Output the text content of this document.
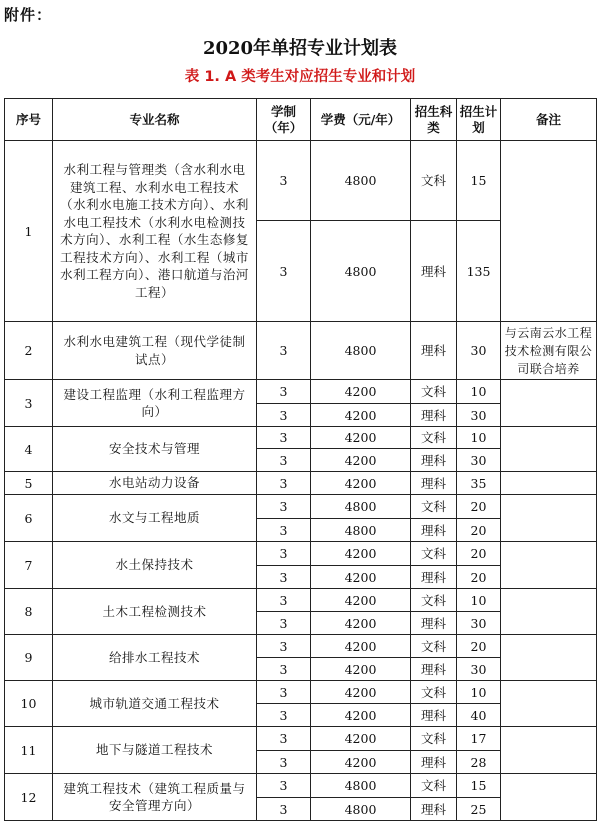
附件：
2020年单招专业计划表
表 1. A 类考生对应招生专业和计划
序号	专业名称	学制（年）	学费（元/年）	招生科类	招生计划	备注
1	水利工程与管理类（含水利水电建筑工程、水利水电工程技术（水利水电施工技术方向）、水利水电工程技术（水利水电检测技术方向）、水利工程（水生态修复工程技术方向）、水利工程（城市水利工程方向）、港口航道与治河工程）	3	4800	文科	15	
		3	4800	理科	135	
2	水利水电建筑工程（现代学徒制试点）	3	4800	理科	30	与云南云水工程技术检测有限公司联合培养
3	建设工程监理（水利工程监理方向）	3	4200	文科	10	
		3	4200	理科	30	
4	安全技术与管理	3	4200	文科	10	
		3	4200	理科	30	
5	水电站动力设备	3	4200	理科	35	
6	水文与工程地质	3	4800	文科	20	
		3	4800	理科	20	
7	水土保持技术	3	4200	文科	20	
		3	4200	理科	20	
8	土木工程检测技术	3	4200	文科	10	
		3	4200	理科	30	
9	给排水工程技术	3	4200	文科	20	
		3	4200	理科	30	
10	城市轨道交通工程技术	3	4200	文科	10	
		3	4200	理科	40	
11	地下与隧道工程技术	3	4200	文科	17	
		3	4200	理科	28	
12	建筑工程技术（建筑工程质量与安全管理方向）	3	4800	文科	15	
		3	4800	理科	25	
